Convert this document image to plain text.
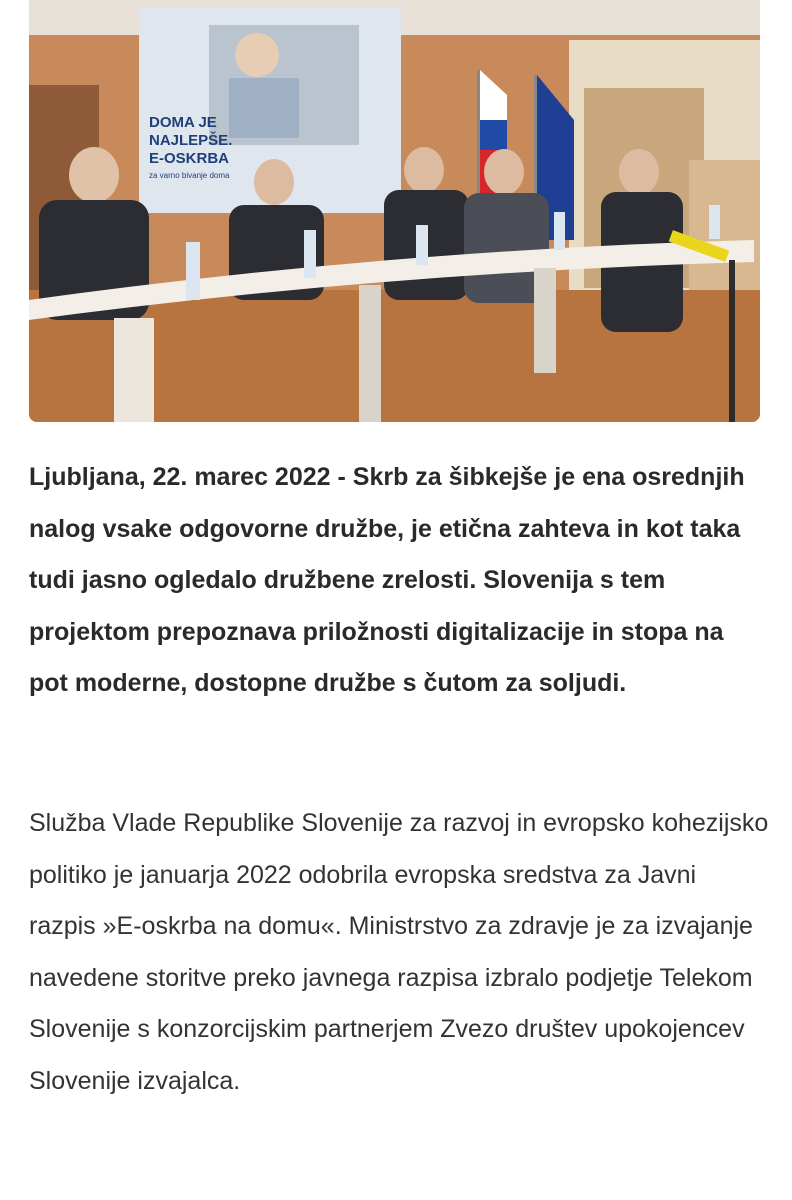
DOMA JE
NAJLEPŠE.
E-OSKRBA
za varno bivanje doma

Ljubljana, 22. marec 2022 - Skrb za šibkejše je ena osrednjih nalog vsake odgovorne družbe, je etična zahteva in kot taka tudi jasno ogledalo družbene zrelosti. Slovenija s tem projektom prepoznava priložnosti digitalizacije in stopa na pot moderne, dostopne družbe s čutom za soljudi.

Služba Vlade Republike Slovenije za razvoj in evropsko kohezijsko politiko je januarja 2022 odobrila evropska sredstva za Javni razpis »E-oskrba na domu«. Ministrstvo za zdravje je za izvajanje navedene storitve preko javnega razpisa izbralo podjetje Telekom Slovenije s konzorcijskim partnerjem Zvezo društev upokojencev Slovenije izvajalca.
